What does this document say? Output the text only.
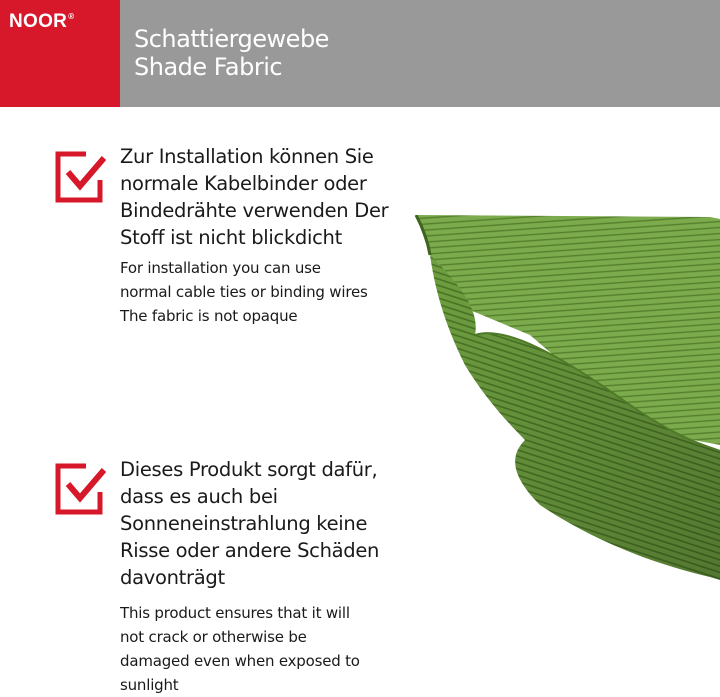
NOOR®
Schattiergewebe
Shade Fabric
Zur Installation können Sie
normale Kabelbinder oder
Bindedrähte verwenden Der
Stoff ist nicht blickdicht
For installation you can use
normal cable ties or binding wires
The fabric is not opaque
Dieses Produkt sorgt dafür,
dass es auch bei
Sonneneinstrahlung keine
Risse oder andere Schäden
davonträgt
This product ensures that it will
not crack or otherwise be
damaged even when exposed to
sunlight
